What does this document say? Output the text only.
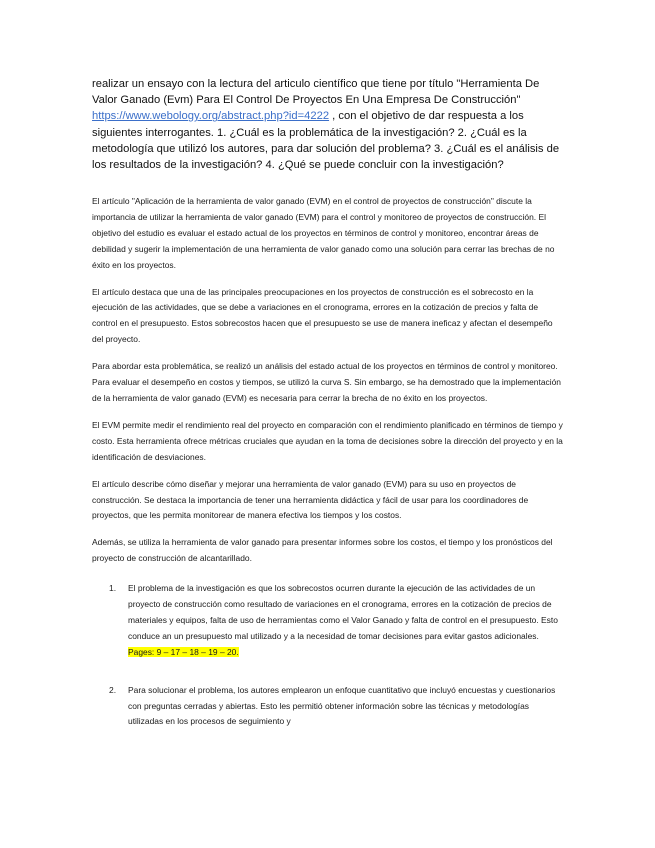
realizar un ensayo con la lectura del articulo científico que tiene por título "Herramienta De Valor Ganado (Evm) Para El Control De Proyectos En Una Empresa De Construcción" https://www.webology.org/abstract.php?id=4222 , con el objetivo de dar respuesta a los siguientes interrogantes. 1. ¿Cuál es la problemática de la investigación? 2. ¿Cuál es la metodología que utilizó los autores, para dar solución del problema? 3. ¿Cuál es el análisis de los resultados de la investigación? 4. ¿Qué se puede concluir con la investigación?

El artículo "Aplicación de la herramienta de valor ganado (EVM) en el control de proyectos de construcción" discute la importancia de utilizar la herramienta de valor ganado (EVM) para el control y monitoreo de proyectos de construcción. El objetivo del estudio es evaluar el estado actual de los proyectos en términos de control y monitoreo, encontrar áreas de debilidad y sugerir la implementación de una herramienta de valor ganado como una solución para cerrar las brechas de no éxito en los proyectos.

El artículo destaca que una de las principales preocupaciones en los proyectos de construcción es el sobrecosto en la ejecución de las actividades, que se debe a variaciones en el cronograma, errores en la cotización de precios y falta de control en el presupuesto. Estos sobrecostos hacen que el presupuesto se use de manera ineficaz y afectan el desempeño del proyecto.

Para abordar esta problemática, se realizó un análisis del estado actual de los proyectos en términos de control y monitoreo. Para evaluar el desempeño en costos y tiempos, se utilizó la curva S. Sin embargo, se ha demostrado que la implementación de la herramienta de valor ganado (EVM) es necesaria para cerrar la brecha de no éxito en los proyectos.

El EVM permite medir el rendimiento real del proyecto en comparación con el rendimiento planificado en términos de tiempo y costo. Esta herramienta ofrece métricas cruciales que ayudan en la toma de decisiones sobre la dirección del proyecto y en la identificación de desviaciones.

El artículo describe cómo diseñar y mejorar una herramienta de valor ganado (EVM) para su uso en proyectos de construcción. Se destaca la importancia de tener una herramienta didáctica y fácil de usar para los coordinadores de proyectos, que les permita monitorear de manera efectiva los tiempos y los costos.

Además, se utiliza la herramienta de valor ganado para presentar informes sobre los costos, el tiempo y los pronósticos del proyecto de construcción de alcantarillado.

1. El problema de la investigación es que los sobrecostos ocurren durante la ejecución de las actividades de un proyecto de construcción como resultado de variaciones en el cronograma, errores en la cotización de precios de materiales y equipos, falta de uso de herramientas como el Valor Ganado y falta de control en el presupuesto. Esto conduce an un presupuesto mal utilizado y a la necesidad de tomar decisiones para evitar gastos adicionales. Pages: 9 – 17 – 18 – 19 – 20.
2. Para solucionar el problema, los autores emplearon un enfoque cuantitativo que incluyó encuestas y cuestionarios con preguntas cerradas y abiertas. Esto les permitió obtener información sobre las técnicas y metodologías utilizadas en los procesos de seguimiento y
